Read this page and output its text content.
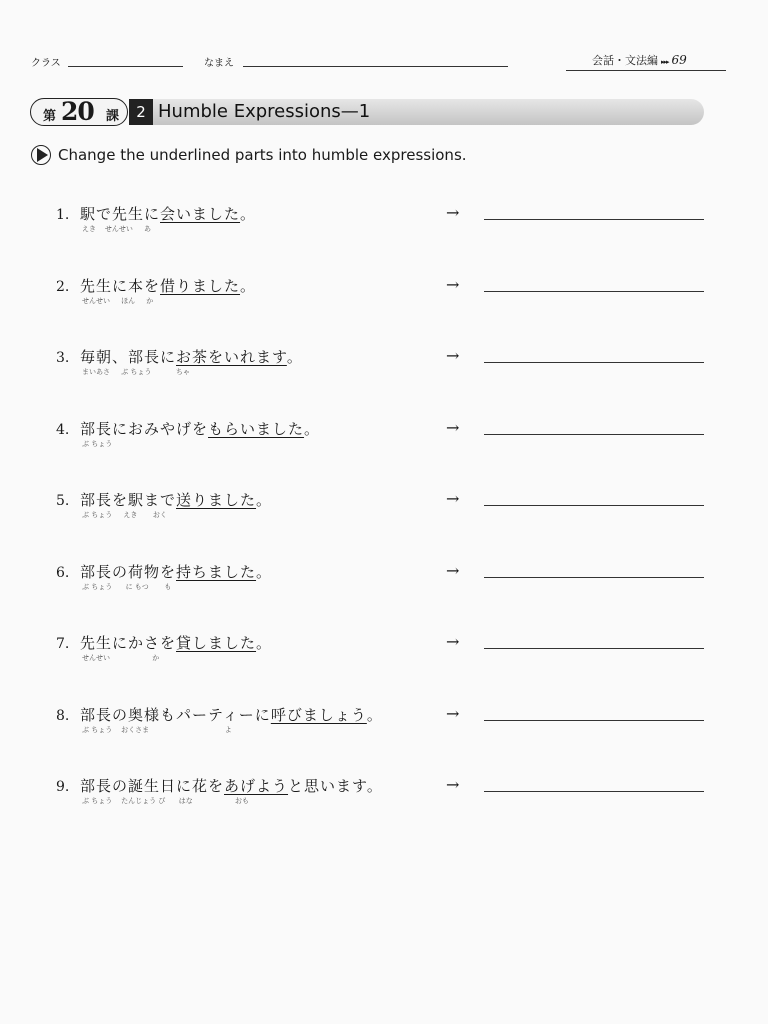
クラス	なまえ	会話・文法編 ▸▸▸ 69
第 20 課	2 Humble Expressions—1
Change the underlined parts into humble expressions.
1. 駅で先生に会いました。
えき    せんせい     あ
→
2. 先生に本を借りました。
せんせい     ほん     か
→
3. 毎朝、部長にお茶をいれます。
まいあさ     ぶ ちょう           ちゃ
→
4. 部長におみやげをもらいました。
ぶ ちょう
→
5. 部長を駅まで送りました。
ぶ ちょう     えき       おく
→
6. 部長の荷物を持ちました。
ぶ ちょう      に もつ       も
→
7. 先生にかさを貸しました。
せんせい                   か
→
8. 部長の奥様もパーティーに呼びましょう。
ぶ ちょう    おくさま                                  よ
→
9. 部長の誕生日に花をあげようと思います。
ぶ ちょう    たんじょう び      はな                   おも
→
